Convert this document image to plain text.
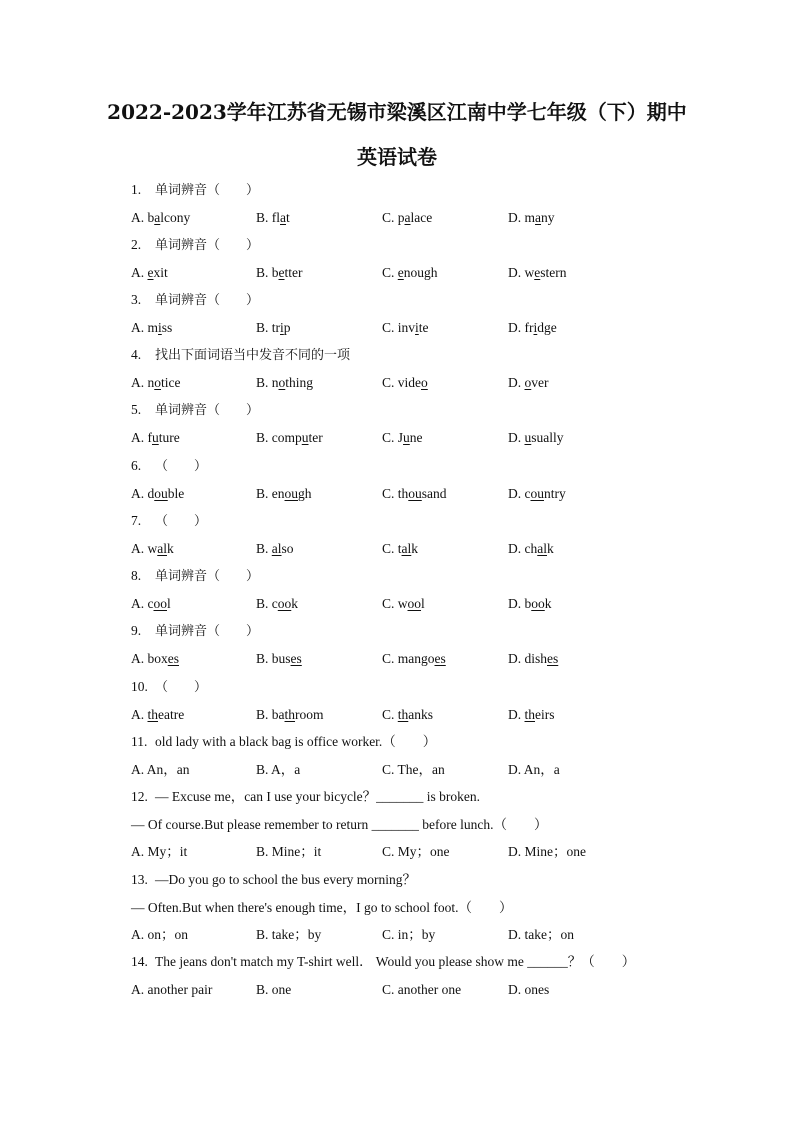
2022-2023学年江苏省无锡市梁溪区江南中学七年级（下）期中
英语试卷
1. 单词辨音（　　）
A. balcony	B. flat	C. palace	D. many
2. 单词辨音（　　）
A. exit	B. better	C. enough	D. western
3. 单词辨音（　　）
A. miss	B. trip	C. invite	D. fridge
4. 找出下面词语当中发音不同的一项
A. notice	B. nothing	C. video	D. over
5. 单词辨音（　　）
A. future	B. computer	C. June	D. usually
6. （　　）
A. double	B. enough	C. thousand	D. country
7. （　　）
A. walk	B. also	C. talk	D. chalk
8. 单词辨音（　　）
A. cool	B. cook	C. wool	D. book
9. 单词辨音（　　）
A. boxes	B. buses	C. mangoes	D. dishes
10. （　　）
A. theatre	B. bathroom	C. thanks	D. theirs
11. old lady with a black bag is office worker.（　　）
A. An，an	B. A，a	C. The，an	D. An，a
12. — Excuse me，can I use your bicycle？_______ is broken.
— Of course.But please remember to return _______ before lunch.（　　）
A. My；it	B. Mine；it	C. My；one	D. Mine；one
13. —Do you go to school the bus every morning？
— Often.But when there's enough time，I go to school foot.（　　）
A. on；on	B. take；by	C. in；by	D. take；on
14. The jeans don't match my T-shirt well． Would you please show me ______？（　　）
A. another pair	B. one	C. another one	D. ones
